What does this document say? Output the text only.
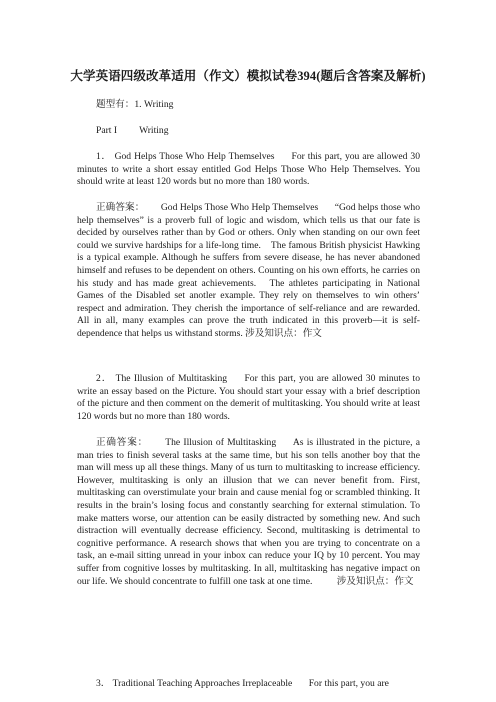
大学英语四级改革适用（作文）模拟试卷394(题后含答案及解析)
题型有：1. Writing
Part I Writing

1． God Helps Those Who Help Themselves For this part, you are allowed 30 minutes to write a short essay entitled God Helps Those Who Help Themselves. You should write at least 120 words but no more than 180 words.

正确答案： God Helps Those Who Help Themselves “God helps those who help themselves” is a proverb full of logic and wisdom, which tells us that our fate is decided by ourselves rather than by God or others. Only when standing on our own feet could we survive hardships for a life-long time.　The famous British physicist Hawking is a typical example. Although he suffers from severe disease, he has never abandoned himself and refuses to be dependent on others. Counting on his own efforts, he carries on his study and has made great achievements.　The athletes participating in National Games of the Disabled set anotler example. They rely on themselves to win others’ respect and admiration. They cherish the importance of self-reliance and are rewarded.　All in all, many examples can prove the truth indicated in this proverb—it is self-dependence that helps us withstand storms. 涉及知识点：作文

2． The Illusion of Multitasking For this part, you are allowed 30 minutes to write an essay based on the Picture. You should start your essay with a brief description of the picture and then comment on the demerit of multitasking. You should write at least 120 words but no more than 180 words.

正确答案： The Illusion of Multitasking As is illustrated in the picture, a man tries to finish several tasks at the same time, but his son tells another boy that the man will mess up all these things. Many of us turn to multitasking to increase efficiency. However, multitasking is only an illusion that we can never benefit from. First, multitasking can overstimulate your brain and cause menial fog or scrambled thinking. It results in the brain’s losing focus and constantly searching for external stimulation. To make matters worse, our attention can be easily distracted by something new. And such distraction will eventually decrease efficiency. Second, multitasking is detrimental to cognitive performance. A research shows that when you are trying to concentrate on a task, an e-mail sitting unread in your inbox can reduce your IQ by 10 percent. You may suffer from cognitive losses by multitasking. In all, multitasking has negative impact on our life. We should concentrate to fulfill one task at one time.	涉及知识点：作文

3． Traditional Teaching Approaches Irreplaceable For this part, you are
